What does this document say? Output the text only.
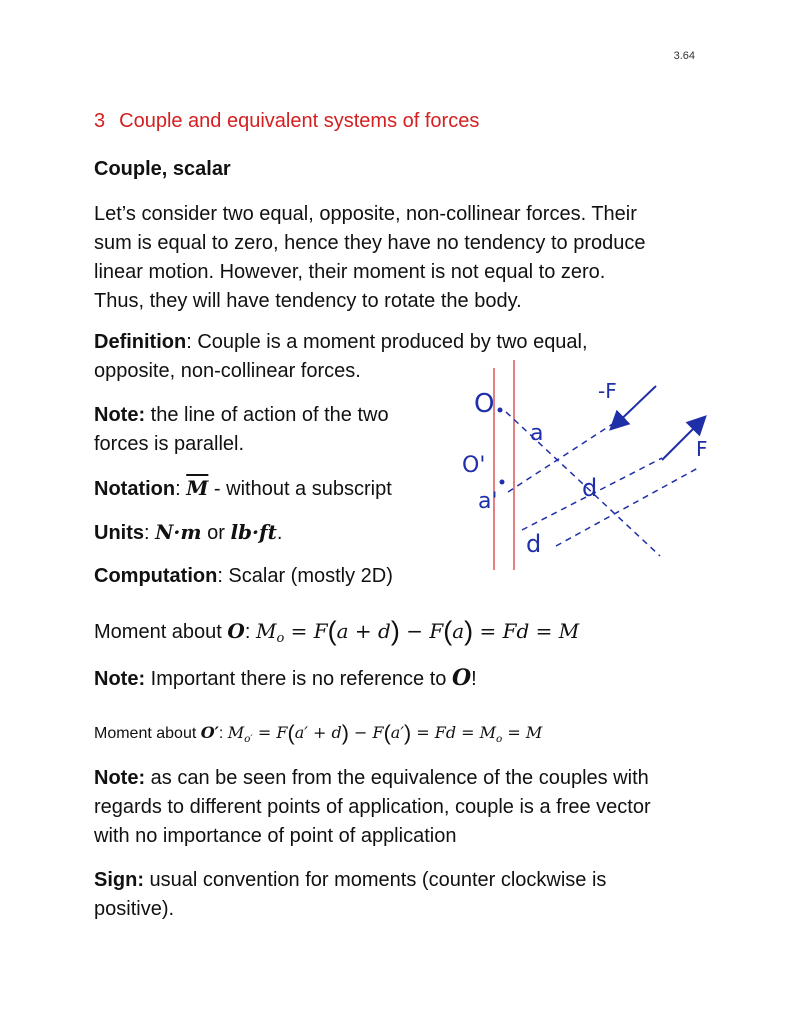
3.64
3 Couple and equivalent systems of forces
Couple, scalar
Let’s consider two equal, opposite, non-collinear forces. Their
sum is equal to zero, hence they have no tendency to produce
linear motion. However, their moment is not equal to zero.
Thus, they will have tendency to rotate the body.
Definition: Couple is a moment produced by two equal,
opposite, non-collinear forces.
Note: the line of action of the two
forces is parallel.
Notation: $\overline{M}$ - without a subscript
Units: N·m or lb·ft.
Computation: Scalar (mostly 2D)
Moment about O: $M_o = F(a + d) - F(a) = Fd = M$
Note: Important there is no reference to O!
Moment about O′: $M_{o'} = F(a' + d) - F(a') = Fd = M_o = M$
Note: as can be seen from the equivalence of the couples with
regards to different points of application, couple is a free vector
with no importance of point of application
Sign: usual convention for moments (counter clockwise is
positive).
O
a
O'
a'	d
d
-F
F
